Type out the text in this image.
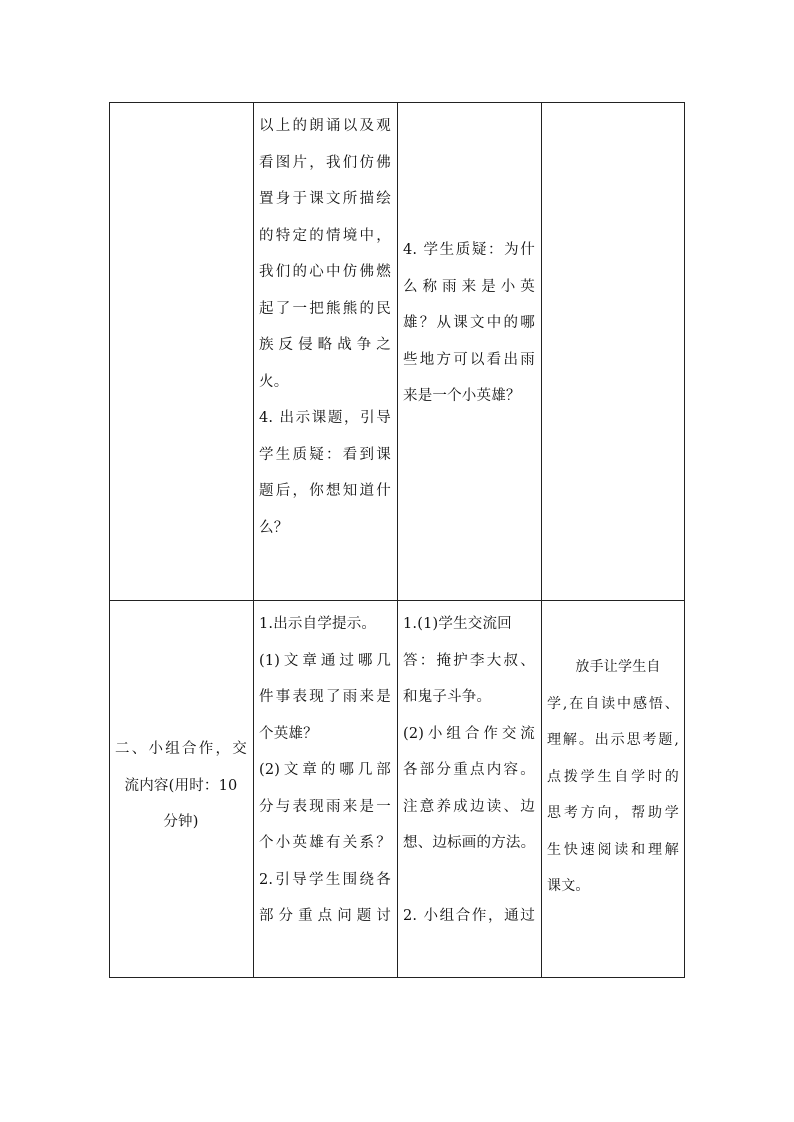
以上的朗诵以及观
看图片，我们仿佛
置身于课文所描绘
的特定的情境中，
我们的心中仿佛燃
起了一把熊熊的民
族反侵略战争之
火。
4. 出示课题，引导
学生质疑：看到课
题后，你想知道什
么？
4. 学生质疑：为什
么称雨来是小英
雄？从课文中的哪
些地方可以看出雨
来是一个小英雄？
二、小组合作，交
流内容(用时：10
分钟)
1.出示自学提示。
(1)文章通过哪几
件事表现了雨来是
个英雄？
(2)文章的哪几部
分与表现雨来是一
个小英雄有关系？
2.引导学生围绕各
部分重点问题讨
1.(1)学生交流回
答：掩护李大叔、
和鬼子斗争。
(2)小组合作交流
各部分重点内容。
注意养成边读、边
想、边标画的方法。
2. 小组合作，通过
　　放手让学生自
学,在自读中感悟、
理解。出示思考题,
点拨学生自学时的
思考方向，帮助学
生快速阅读和理解
课文。
